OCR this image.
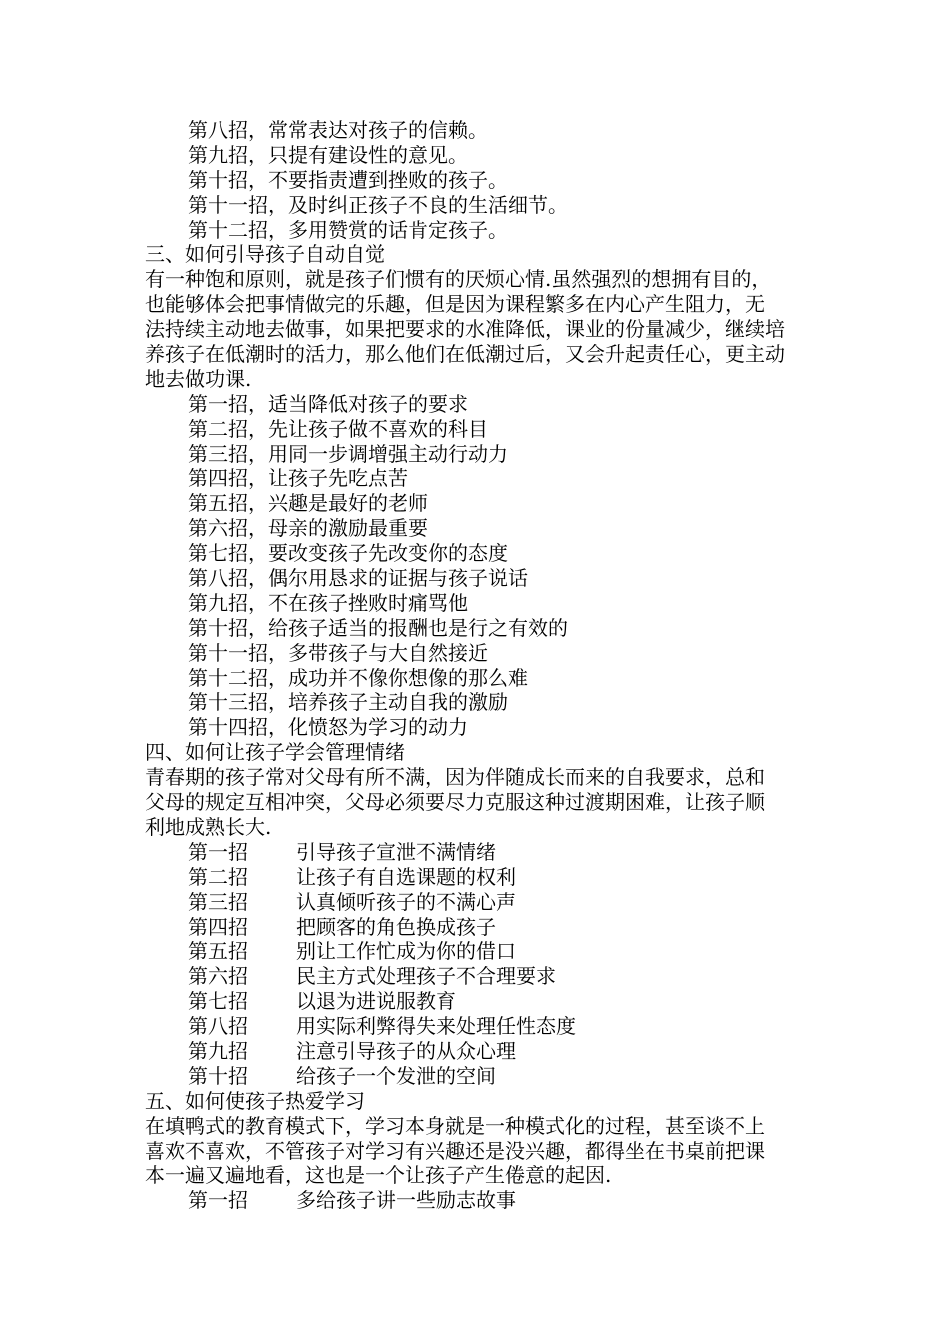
第八招，常常表达对孩子的信赖。
第九招，只提有建设性的意见。
第十招，不要指责遭到挫败的孩子。
第十一招，及时纠正孩子不良的生活细节。
第十二招，多用赞赏的话肯定孩子。
三、如何引导孩子自动自觉
有一种饱和原则，就是孩子们惯有的厌烦心情.虽然强烈的想拥有目的，
也能够体会把事情做完的乐趣，但是因为课程繁多在内心产生阻力，无
法持续主动地去做事，如果把要求的水准降低，课业的份量减少，继续培
养孩子在低潮时的活力，那么他们在低潮过后，又会升起责任心，更主动
地去做功课.
第一招，适当降低对孩子的要求
第二招，先让孩子做不喜欢的科目
第三招，用同一步调增强主动行动力
第四招，让孩子先吃点苦
第五招，兴趣是最好的老师
第六招，母亲的激励最重要
第七招，要改变孩子先改变你的态度
第八招，偶尔用恳求的证据与孩子说话
第九招，不在孩子挫败时痛骂他
第十招，给孩子适当的报酬也是行之有效的
第十一招，多带孩子与大自然接近
第十二招，成功并不像你想像的那么难
第十三招，培养孩子主动自我的激励
第十四招，化愤怒为学习的动力
四、如何让孩子学会管理情绪
青春期的孩子常对父母有所不满，因为伴随成长而来的自我要求，总和
父母的规定互相冲突，父母必须要尽力克服这种过渡期困难，让孩子顺
利地成熟长大.
第一招	引导孩子宣泄不满情绪
第二招	让孩子有自选课题的权利
第三招	认真倾听孩子的不满心声
第四招	把顾客的角色换成孩子
第五招	别让工作忙成为你的借口
第六招	民主方式处理孩子不合理要求
第七招	以退为进说服教育
第八招	用实际利弊得失来处理任性态度
第九招	注意引导孩子的从众心理
第十招	给孩子一个发泄的空间
五、如何使孩子热爱学习
在填鸭式的教育模式下，学习本身就是一种模式化的过程，甚至谈不上
喜欢不喜欢，不管孩子对学习有兴趣还是没兴趣，都得坐在书桌前把课
本一遍又遍地看，这也是一个让孩子产生倦意的起因.
第一招	多给孩子讲一些励志故事
